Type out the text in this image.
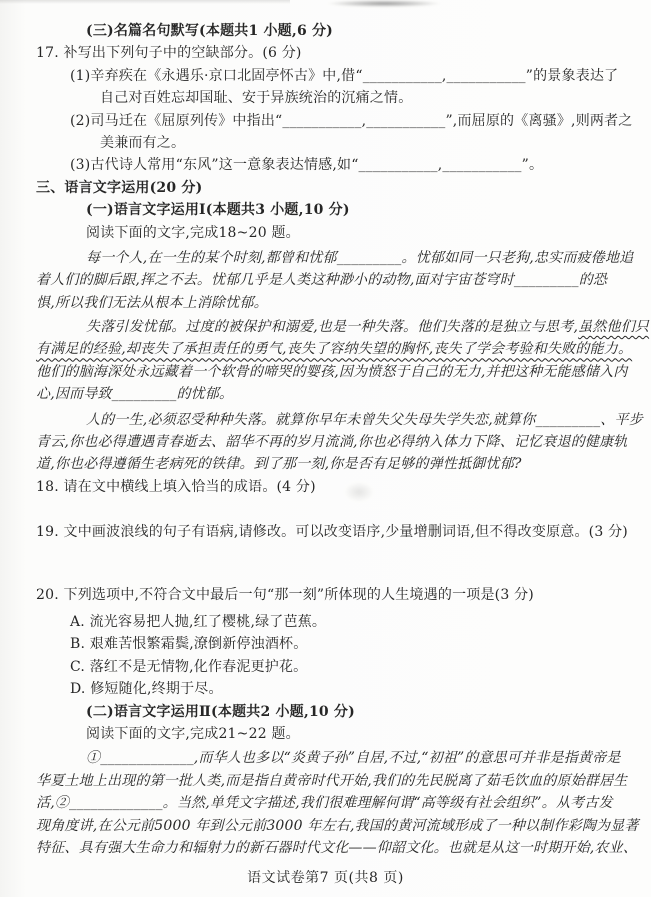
(三)名篇名句默写(本题共1 小题,6 分)
17. 补写出下列句子中的空缺部分。(6 分)
(1)辛弃疾在《永遇乐·京口北固亭怀古》中,借“___________,___________”的景象表达了
自己对百姓忘却国耻、安于异族统治的沉痛之情。
(2)司马迁在《屈原列传》中指出“___________,___________”,而屈原的《离骚》,则两者之
美兼而有之。
(3)古代诗人常用“东风”这一意象表达情感,如“___________,___________”。
三、语言文字运用(20 分)
(一)语言文字运用Ⅰ(本题共3 小题,10 分)
阅读下面的文字,完成18~20 题。
每一个人,在一生的某个时刻,都曾和忧郁_________。忧郁如同一只老狗,忠实而疲倦地追
着人们的脚后跟,挥之不去。忧郁几乎是人类这种渺小的动物,面对宇宙苍穹时_________的恐
惧,所以我们无法从根本上消除忧郁。
失落引发忧郁。过度的被保护和溺爱,也是一种失落。他们失落的是独立与思考,虽然他们只
有满足的经验,却丧失了承担责任的勇气,丧失了容纳失望的胸怀,丧失了学会考验和失败的能力。
他们的脑海深处永远藏着一个软骨的啼哭的婴孩,因为愤怒于自己的无力,并把这种无能感储入内
心,因而导致_________的忧郁。
人的一生,必须忍受种种失落。就算你早年未曾失父失母失学失恋,就算你_________、平步
青云,你也必得遭遇青春逝去、韶华不再的岁月流淌,你也必得纳入体力下降、记忆衰退的健康轨
道,你也必得遵循生老病死的铁律。到了那一刻,你是否有足够的弹性抵御忧郁?
18. 请在文中横线上填入恰当的成语。(4 分)
19. 文中画波浪线的句子有语病,请修改。可以改变语序,少量增删词语,但不得改变原意。(3 分)
20. 下列选项中,不符合文中最后一句“那一刻”所体现的人生境遇的一项是(3 分)
A. 流光容易把人抛,红了樱桃,绿了芭蕉。
B. 艰难苦恨繁霜鬓,潦倒新停浊酒杯。
C. 落红不是无情物,化作春泥更护花。
D. 修短随化,终期于尽。
(二)语言文字运用Ⅱ(本题共2 小题,10 分)
阅读下面的文字,完成21~22 题。
①_____________,而华人也多以“炎黄子孙”自居,不过,“初祖”的意思可并非是指黄帝是
华夏土地上出现的第一批人类,而是指自黄帝时代开始,我们的先民脱离了茹毛饮血的原始群居生
活,②_____________。当然,单凭文字描述,我们很难理解何谓“高等级有社会组织”。从考古发
现角度讲,在公元前5000 年到公元前3000 年左右,我国的黄河流域形成了一种以制作彩陶为显著
特征、具有强大生命力和辐射力的新石器时代文化——仰韶文化。也就是从这一时期开始,农业、
语文试卷第7 页(共8 页)
